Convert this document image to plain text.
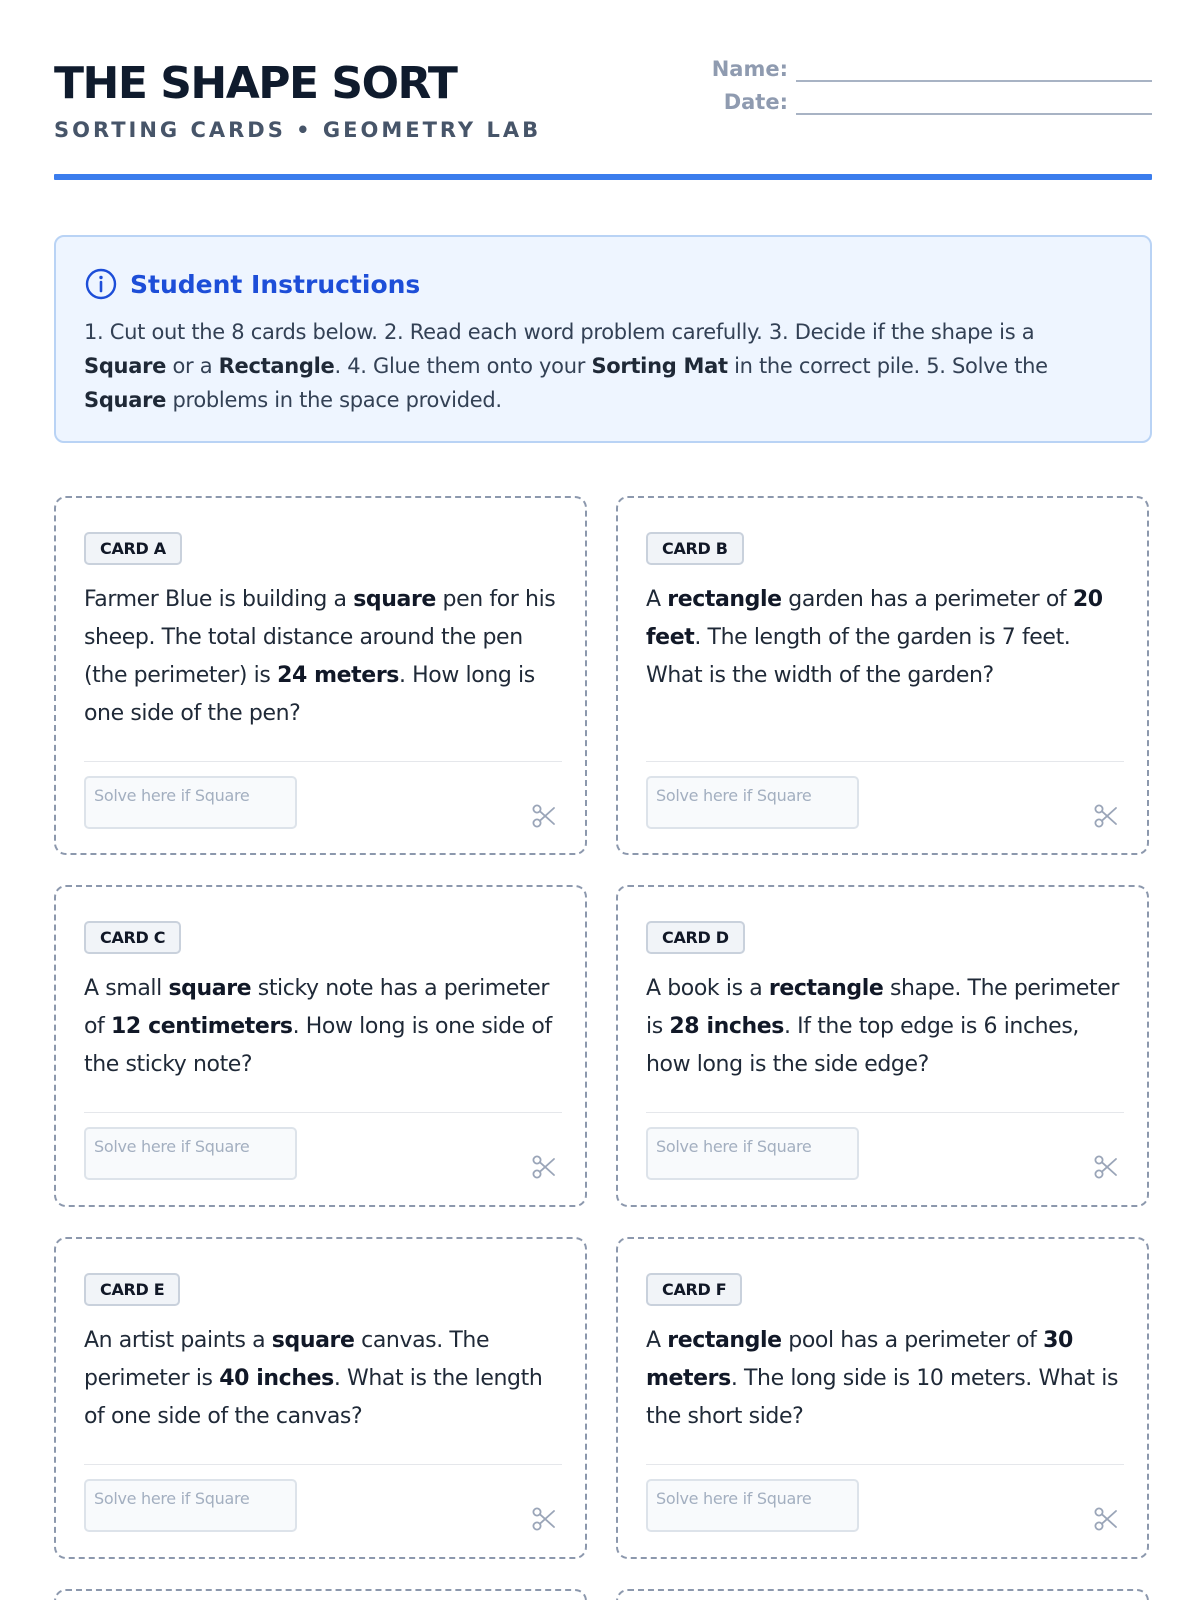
THE SHAPE SORT
SORTING CARDS • GEOMETRY LAB
Name:
Date:
Student Instructions
1. Cut out the 8 cards below. 2. Read each word problem carefully. 3. Decide if the shape is a Square or a Rectangle. 4. Glue them onto your Sorting Mat in the correct pile. 5. Solve the Square problems in the space provided.
CARD A
Farmer Blue is building a square pen for his sheep. The total distance around the pen (the perimeter) is 24 meters. How long is one side of the pen?
Solve here if Square
CARD B
A rectangle garden has a perimeter of 20 feet. The length of the garden is 7 feet. What is the width of the garden?
Solve here if Square
CARD C
A small square sticky note has a perimeter of 12 centimeters. How long is one side of the sticky note?
Solve here if Square
CARD D
A book is a rectangle shape. The perimeter is 28 inches. If the top edge is 6 inches, how long is the side edge?
Solve here if Square
CARD E
An artist paints a square canvas. The perimeter is 40 inches. What is the length of one side of the canvas?
Solve here if Square
CARD F
A rectangle pool has a perimeter of 30 meters. The long side is 10 meters. What is the short side?
Solve here if Square
